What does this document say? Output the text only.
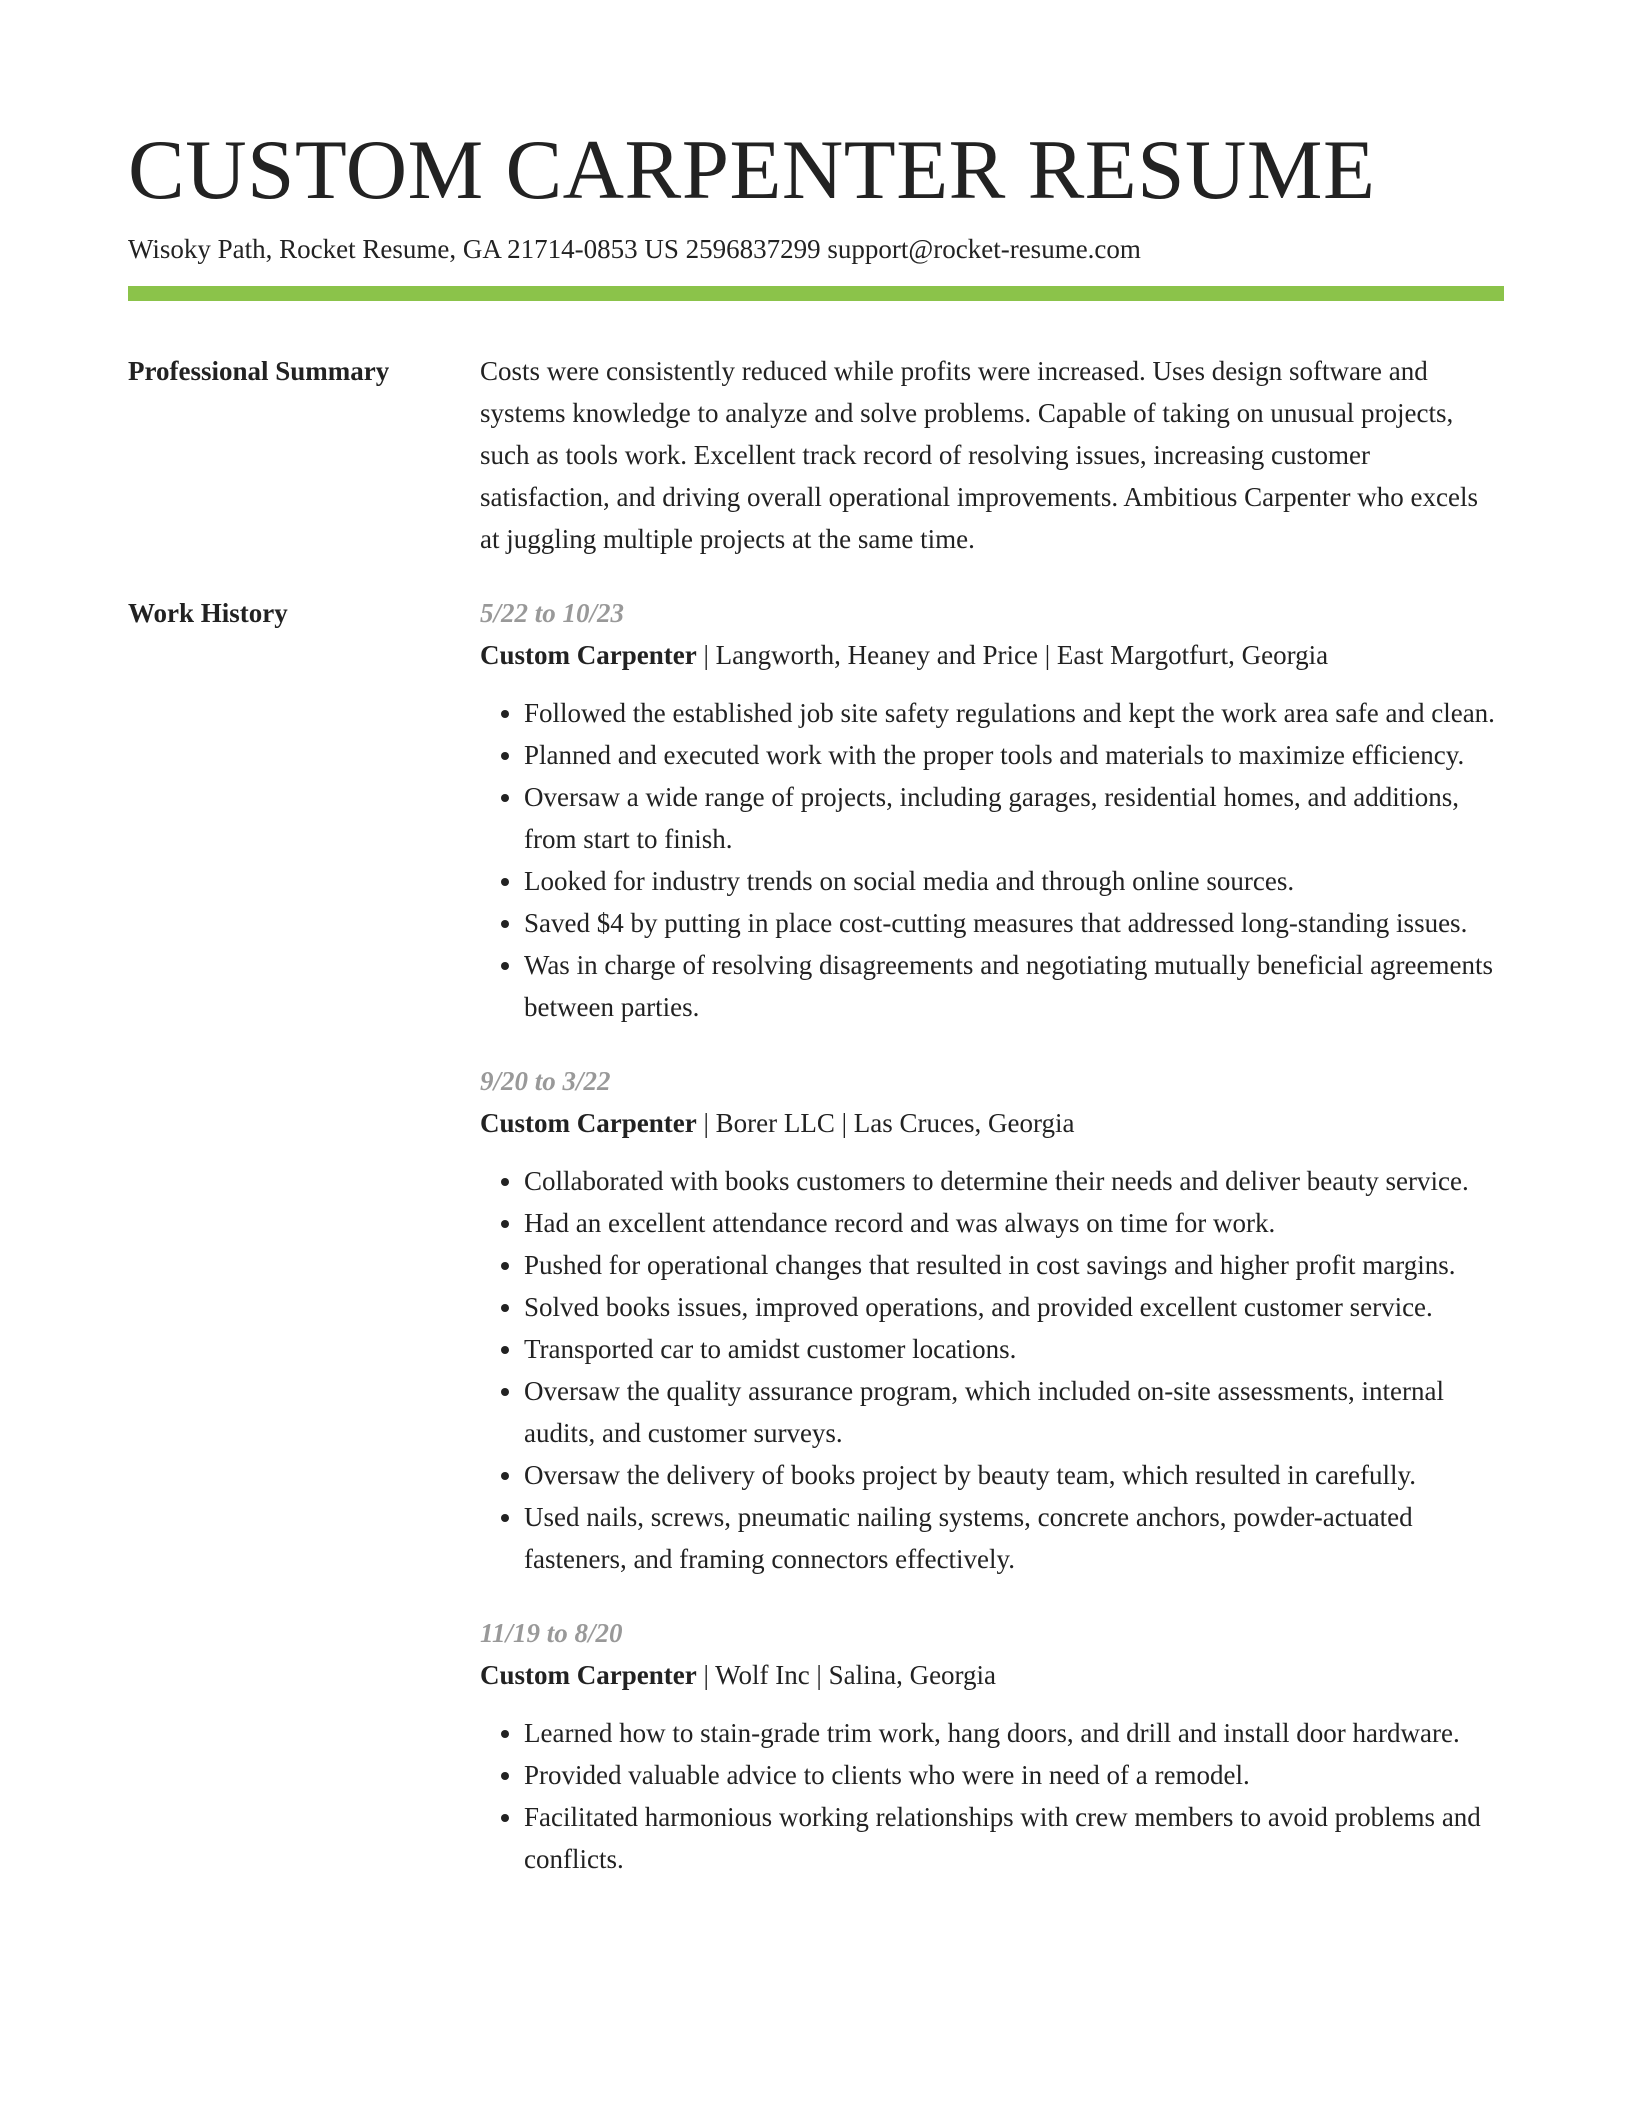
CUSTOM CARPENTER RESUME
Wisoky Path, Rocket Resume, GA 21714-0853 US 2596837299 support@rocket-resume.com
Professional Summary	Costs were consistently reduced while profits were increased. Uses design software and systems knowledge to analyze and solve problems. Capable of taking on unusual projects, such as tools work. Excellent track record of resolving issues, increasing customer satisfaction, and driving overall operational improvements. Ambitious Carpenter who excels at juggling multiple projects at the same time.

Work History	5/22 to 10/23
Custom Carpenter | Langworth, Heaney and Price | East Margotfurt, Georgia
• Followed the established job site safety regulations and kept the work area safe and clean.
• Planned and executed work with the proper tools and materials to maximize efficiency.
• Oversaw a wide range of projects, including garages, residential homes, and additions, from start to finish.
• Looked for industry trends on social media and through online sources.
• Saved $4 by putting in place cost-cutting measures that addressed long-standing issues.
• Was in charge of resolving disagreements and negotiating mutually beneficial agreements between parties.
9/20 to 3/22
Custom Carpenter | Borer LLC | Las Cruces, Georgia
• Collaborated with books customers to determine their needs and deliver beauty service.
• Had an excellent attendance record and was always on time for work.
• Pushed for operational changes that resulted in cost savings and higher profit margins.
• Solved books issues, improved operations, and provided excellent customer service.
• Transported car to amidst customer locations.
• Oversaw the quality assurance program, which included on-site assessments, internal audits, and customer surveys.
• Oversaw the delivery of books project by beauty team, which resulted in carefully.
• Used nails, screws, pneumatic nailing systems, concrete anchors, powder-actuated fasteners, and framing connectors effectively.
11/19 to 8/20
Custom Carpenter | Wolf Inc | Salina, Georgia
• Learned how to stain-grade trim work, hang doors, and drill and install door hardware.
• Provided valuable advice to clients who were in need of a remodel.
• Facilitated harmonious working relationships with crew members to avoid problems and conflicts.
